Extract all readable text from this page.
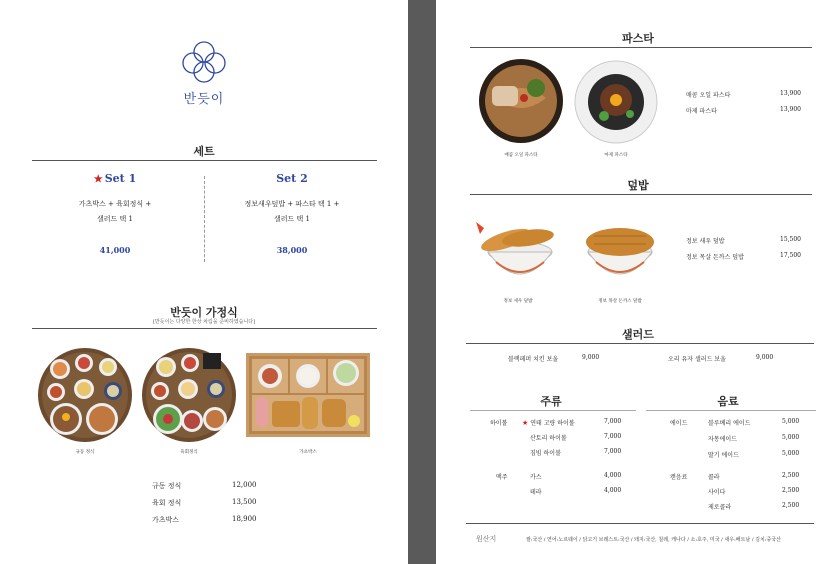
반듯이
세트
★ Set 1
가츠박스 + 육회정식 +
샐러드 택 1
41,000
Set 2
정보새우덮밥 + 파스타 택 1 +
샐러드 택 1
38,000
반듯이 가정식
[반듯이는 다양한 한상 차림을 준비하였습니다]
규동 정식	육회정식	가츠박스
규동 정식	12,000
육회 정식	13,500
가츠박스	18,900
파스타
매콤 오일 파스타	마제 파스타
매콤 오일 파스타	13,900
마제 파스타	13,900
덮밥
정보 새우 덮밥	정보 목살 돈까스 덮밥
정보 새우 덮밥	15,500
정보 목살 돈까스 덮밥	17,500
샐러드
블랙페퍼 치킨 보울	9,000	오리 유자 샐러드 보울	9,000
주류	음료
하이볼 ★ 연태 고량 하이볼	7,000
산토리 하이볼	7,000
짐빔 하이볼	7,000
맥주	카스	4,000
테라	4,000
에이드	블루베리 에이드	5,000
자몽에이드	5,000
딸기 에이드	5,000
캔음료	콜라	2,500
사이다	2,500
제로콜라	2,500
원산지	쌀:국산 / 연어:노르웨이 / 닭고기 브레스트:국산 / 돼지:국산, 칠레, 캐나다 / 소:호주, 미국 / 새우:베트남 / 김치:중국산
